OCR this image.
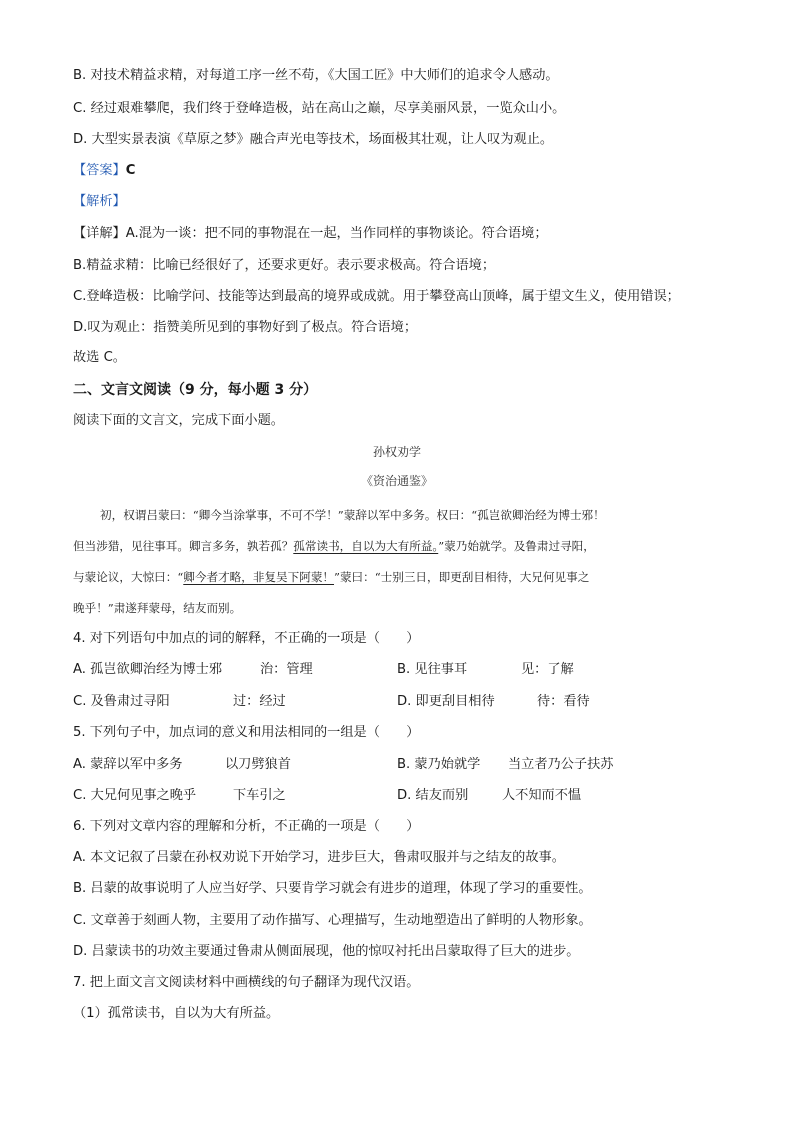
B. 对技术精益求精，对每道工序一丝不苟，《大国工匠》中大师们的追求令人感动。
C. 经过艰难攀爬，我们终于登峰造极，站在高山之巅，尽享美丽风景，一览众山小。
D. 大型实景表演《草原之梦》融合声光电等技术，场面极其壮观，让人叹为观止。
【答案】C
【解析】
【详解】A.混为一谈：把不同的事物混在一起，当作同样的事物谈论。符合语境；
B.精益求精：比喻已经很好了，还要求更好。表示要求极高。符合语境；
C.登峰造极：比喻学问、技能等达到最高的境界或成就。用于攀登高山顶峰，属于望文生义，使用错误；
D.叹为观止：指赞美所见到的事物好到了极点。符合语境；
故选 C。
二、文言文阅读（9 分，每小题 3 分）
阅读下面的文言文，完成下面小题。
孙权劝学
《资治通鉴》
初，权谓吕蒙曰：“卿今当涂掌事，不可不学！”蒙辞以军中多务。权曰：“孤岂欲卿治经为博士邪！
但当涉猎，见往事耳。卿言多务，孰若孤？孤常读书，自以为大有所益。”蒙乃始就学。及鲁肃过寻阳，
与蒙论议，大惊曰：“卿今者才略，非复吴下阿蒙！”蒙曰：“士别三日，即更刮目相待，大兄何见事之
晚乎！”肃遂拜蒙母，结友而别。
4. 对下列语句中加点的词的解释，不正确的一项是（　　）
A. 孤岂欲卿治经为博士邪	治：管理	B. 见往事耳	见：了解
C. 及鲁肃过寻阳	过：经过	D. 即更刮目相待	待：看待
5. 下列句子中，加点词的意义和用法相同的一组是（　　）
A. 蒙辞以军中多务	以刀劈狼首	B. 蒙乃始就学 当立者乃公子扶苏
C. 大兄何见事之晚乎	下车引之	D. 结友而别	人不知而不愠
6. 下列对文章内容的理解和分析，不正确的一项是（　　）
A. 本文记叙了吕蒙在孙权劝说下开始学习，进步巨大，鲁肃叹服并与之结友的故事。
B. 吕蒙的故事说明了人应当好学、只要肯学习就会有进步的道理，体现了学习的重要性。
C. 文章善于刻画人物，主要用了动作描写、心理描写，生动地塑造出了鲜明的人物形象。
D. 吕蒙读书的功效主要通过鲁肃从侧面展现，他的惊叹衬托出吕蒙取得了巨大的进步。
7. 把上面文言文阅读材料中画横线的句子翻译为现代汉语。
（1）孤常读书，自以为大有所益。
